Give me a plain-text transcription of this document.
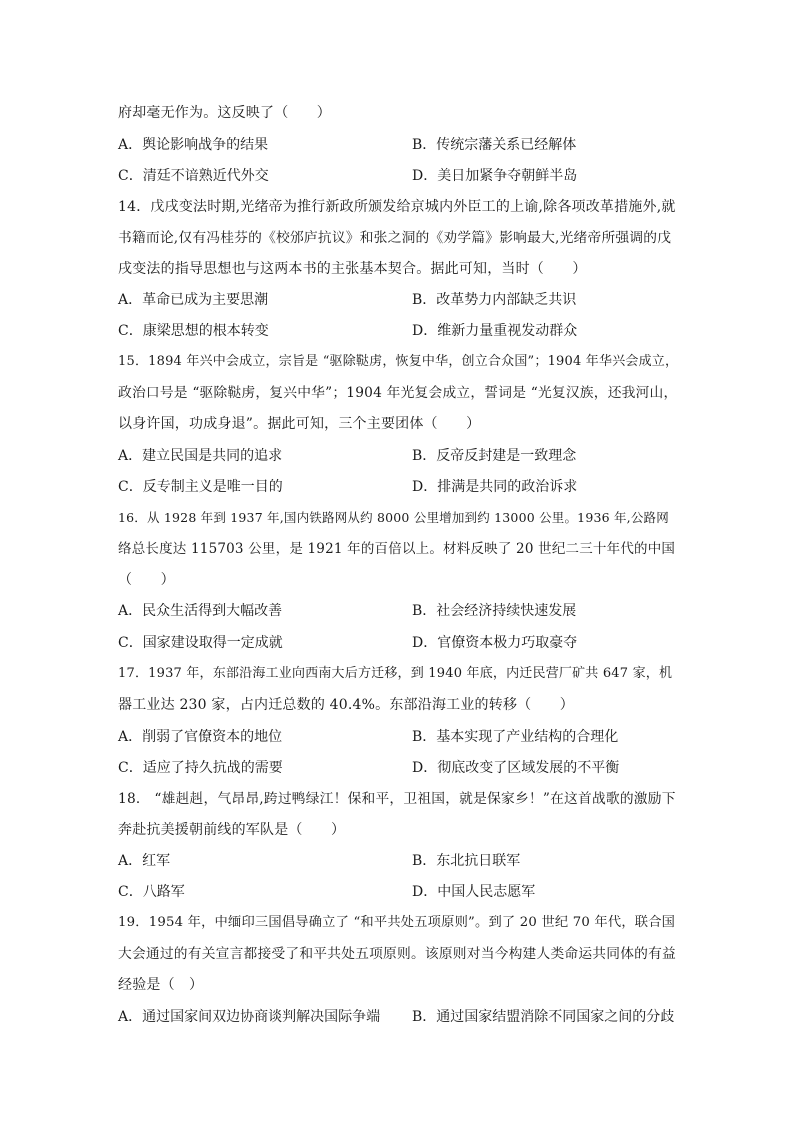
府却毫无作为。这反映了（　　）
A．舆论影响战争的结果	B．传统宗藩关系已经解体
C．清廷不谙熟近代外交	D．美日加紧争夺朝鲜半岛
14．戊戌变法时期,光绪帝为推行新政所颁发给京城内外臣工的上谕,除各项改革措施外,就
书籍而论,仅有冯桂芬的《校邠庐抗议》和张之洞的《劝学篇》影响最大,光绪帝所强调的戊
戌变法的指导思想也与这两本书的主张基本契合。据此可知，当时（　　）
A．革命已成为主要思潮	B．改革势力内部缺乏共识
C．康梁思想的根本转变	D．维新力量重视发动群众
15．1894 年兴中会成立，宗旨是 “驱除鞑虏，恢复中华，创立合众国”；1904 年华兴会成立，
政治口号是 “驱除鞑虏，复兴中华”；1904 年光复会成立，誓词是 “光复汉族，还我河山，
以身许国，功成身退”。据此可知，三个主要团体（　　）
A．建立民国是共同的追求	B．反帝反封建是一致理念
C．反专制主义是唯一目的	D．排满是共同的政治诉求
16．从 1928 年到 1937 年,国内铁路网从约 8000 公里增加到约 13000 公里。1936 年,公路网
络总长度达 115703 公里，是 1921 年的百倍以上。材料反映了 20 世纪二三十年代的中国
（　　）
A．民众生活得到大幅改善	B．社会经济持续快速发展
C．国家建设取得一定成就	D．官僚资本极力巧取豪夺
17．1937 年，东部沿海工业向西南大后方迁移，到 1940 年底，内迁民营厂矿共 647 家，机
器工业达 230 家，占内迁总数的 40.4%。东部沿海工业的转移（　　）
A．削弱了官僚资本的地位	B．基本实现了产业结构的合理化
C．适应了持久抗战的需要	D．彻底改变了区域发展的不平衡
18． “雄赳赳，气昂昂,跨过鸭绿江！保和平，卫祖国，就是保家乡！”在这首战歌的激励下
奔赴抗美援朝前线的军队是（　　）
A．红军	B．东北抗日联军
C．八路军	D．中国人民志愿军
19．1954 年，中缅印三国倡导确立了 “和平共处五项原则”。到了 20 世纪 70 年代，联合国
大会通过的有关宣言都接受了和平共处五项原则。该原则对当今构建人类命运共同体的有益
经验是（　）
A．通过国家间双边协商谈判解决国际争端 B．通过国家结盟消除不同国家之间的分歧
